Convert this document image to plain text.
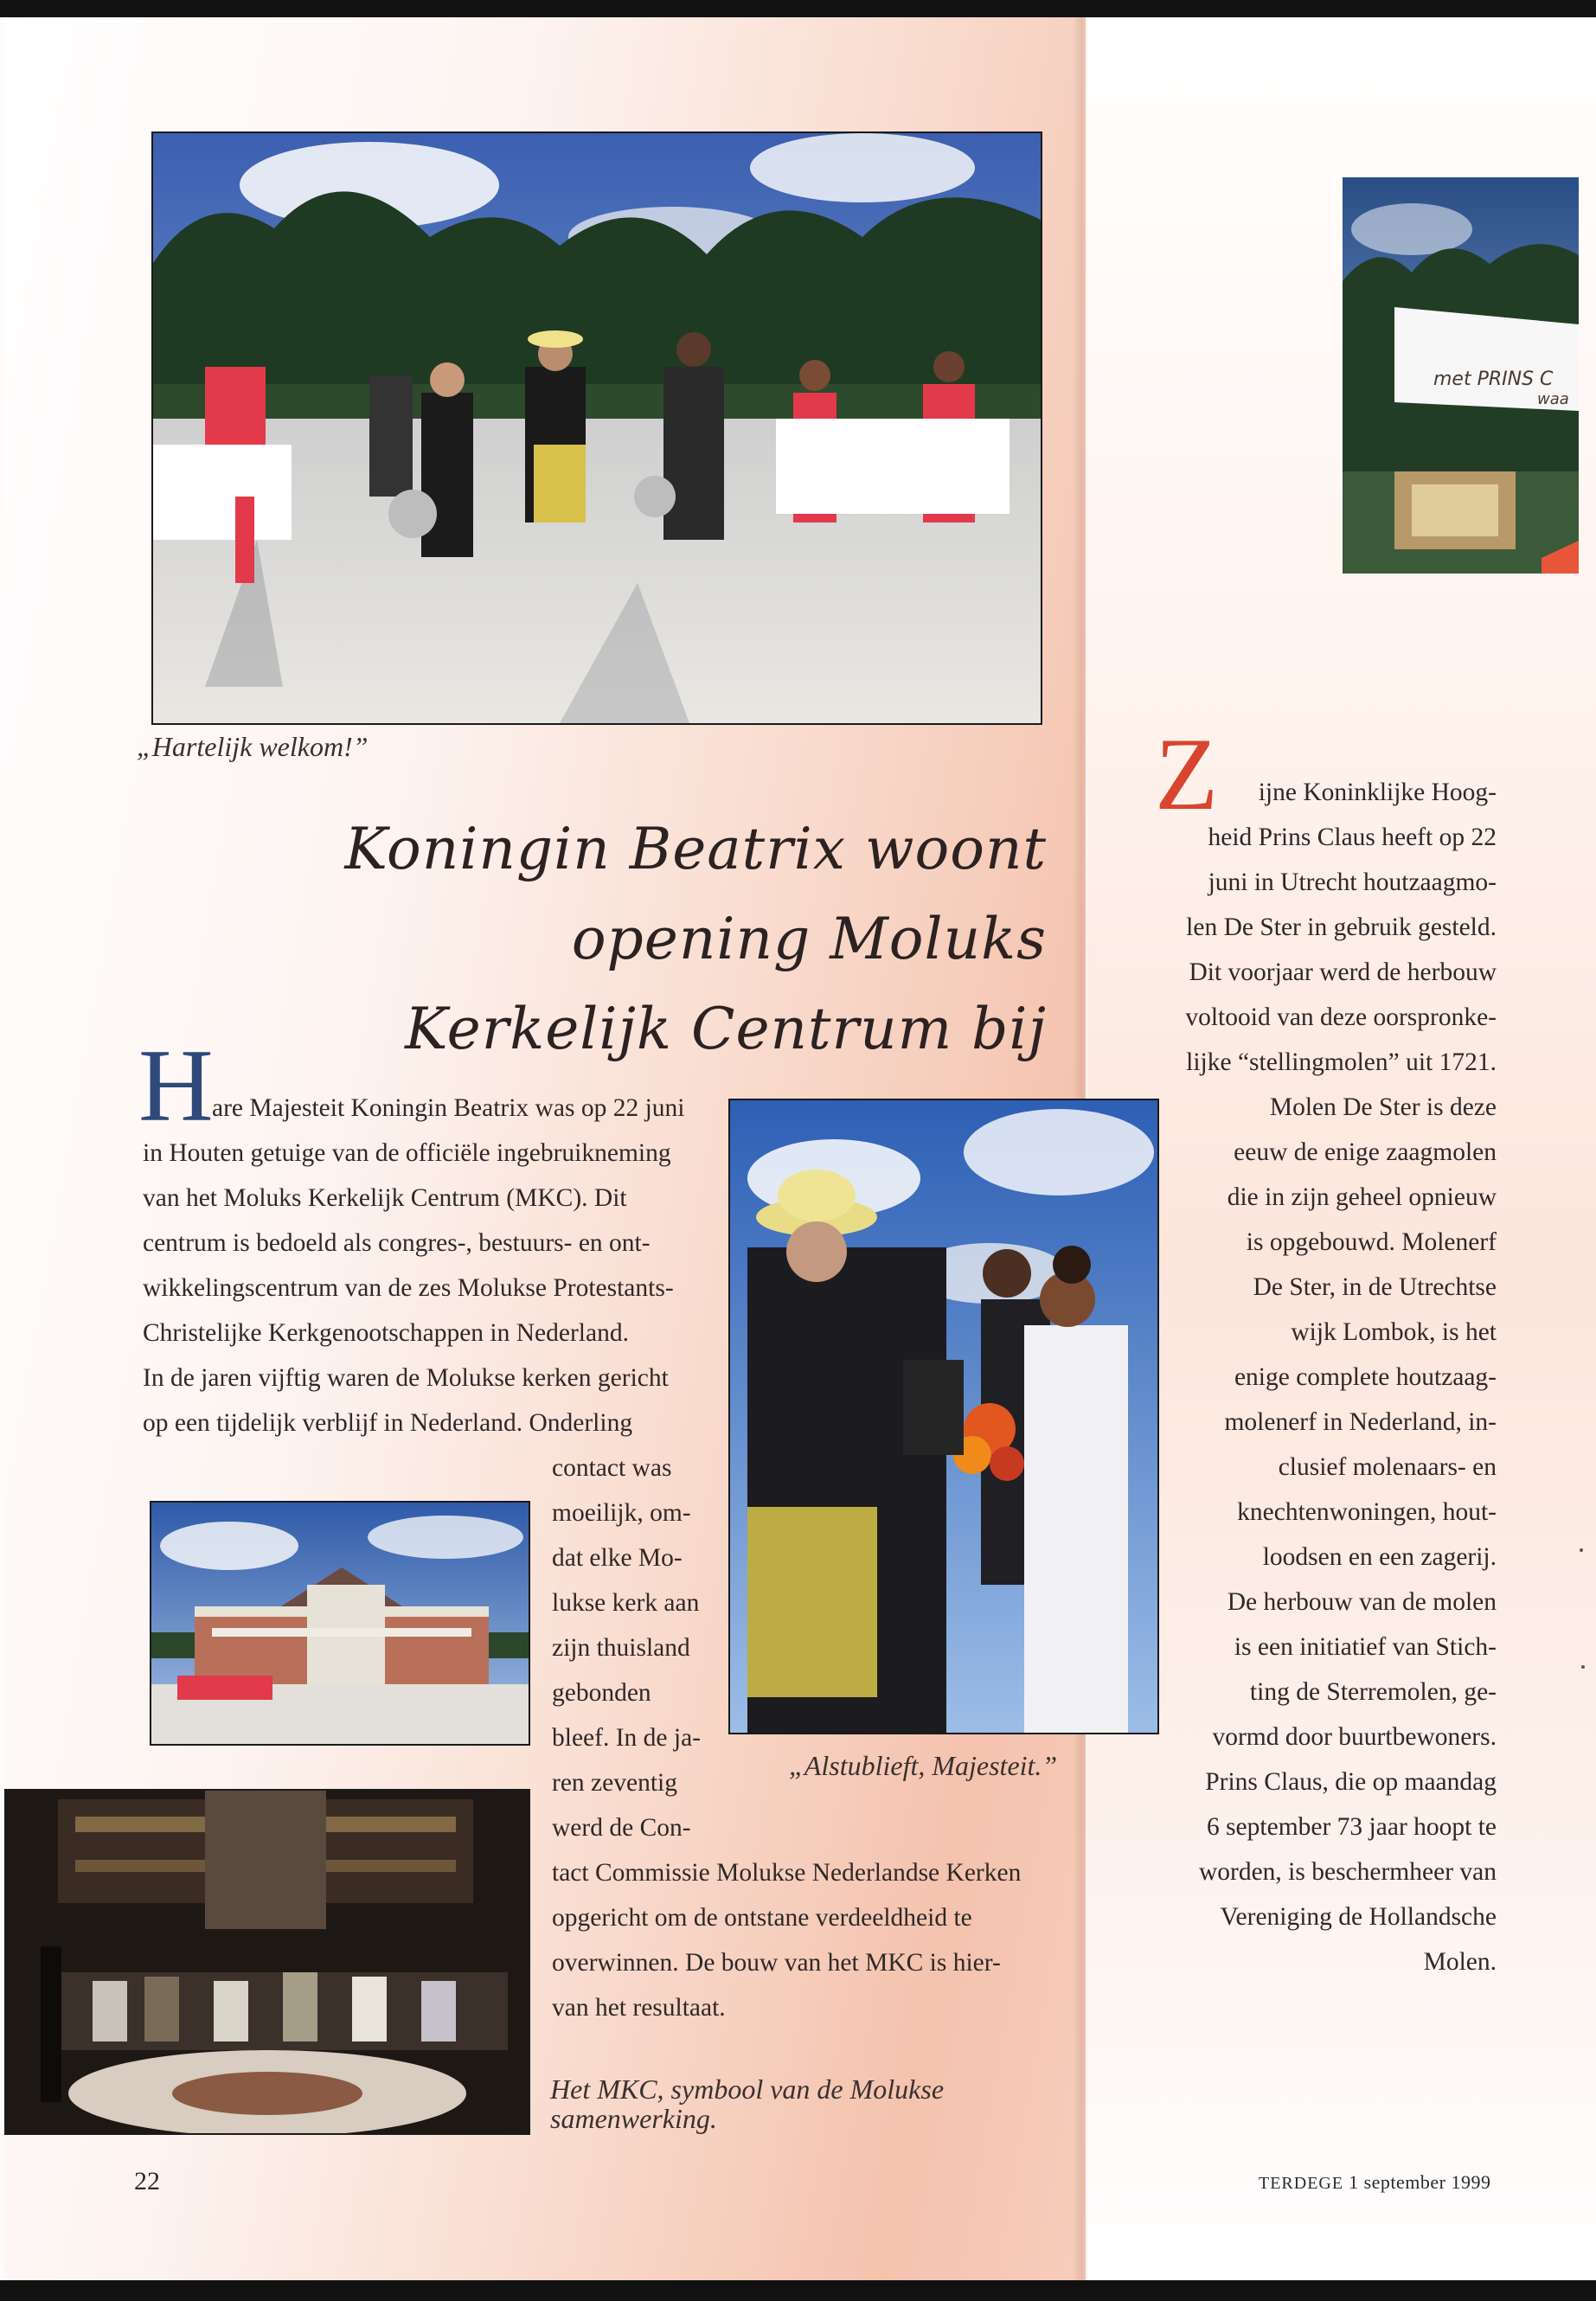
„Hartelijk welkom!”
Koningin Beatrix woont
opening Moluks
Kerkelijk Centrum bij
H
are Majesteit Koningin Beatrix was op 22 juni
in Houten getuige van de officiële ingebruikneming
van het Moluks Kerkelijk Centrum (MKC). Dit
centrum is bedoeld als congres-, bestuurs- en ont-
wikkelingscentrum van de zes Molukse Protestants-
Christelijke Kerkgenootschappen in Nederland.
In de jaren vijftig waren de Molukse kerken gericht
op een tijdelijk verblijf in Nederland. Onderling
contact was
moeilijk, om-
dat elke Mo-
lukse kerk aan
zijn thuisland
gebonden
bleef. In de ja-
ren zeventig
werd de Con-
tact Commissie Molukse Nederlandse Kerken
opgericht om de ontstane verdeeldheid te
overwinnen. De bouw van het MKC is hier-
van het resultaat.
„Alstublieft, Majesteit.”
Het MKC, symbool van de Molukse
samenwerking.
22
met PRINS C
waa
Z ijne Koninklijke Hoog-
heid Prins Claus heeft op 22
juni in Utrecht houtzaagmo-
len De Ster in gebruik gesteld.
Dit voorjaar werd de herbouw
voltooid van deze oorspronke-
lijke “stellingmolen” uit 1721.
Molen De Ster is deze
eeuw de enige zaagmolen
die in zijn geheel opnieuw
is opgebouwd. Molenerf
De Ster, in de Utrechtse
wijk Lombok, is het
enige complete houtzaag-
molenerf in Nederland, in-
clusief molenaars- en
knechtenwoningen, hout-
loodsen en een zagerij.
De herbouw van de molen
is een initiatief van Stich-
ting de Sterremolen, ge-
vormd door buurtbewoners.
Prins Claus, die op maandag
6 september 73 jaar hoopt te
worden, is beschermheer van
Vereniging de Hollandsche
Molen.
TERDEGE 1 september 1999
